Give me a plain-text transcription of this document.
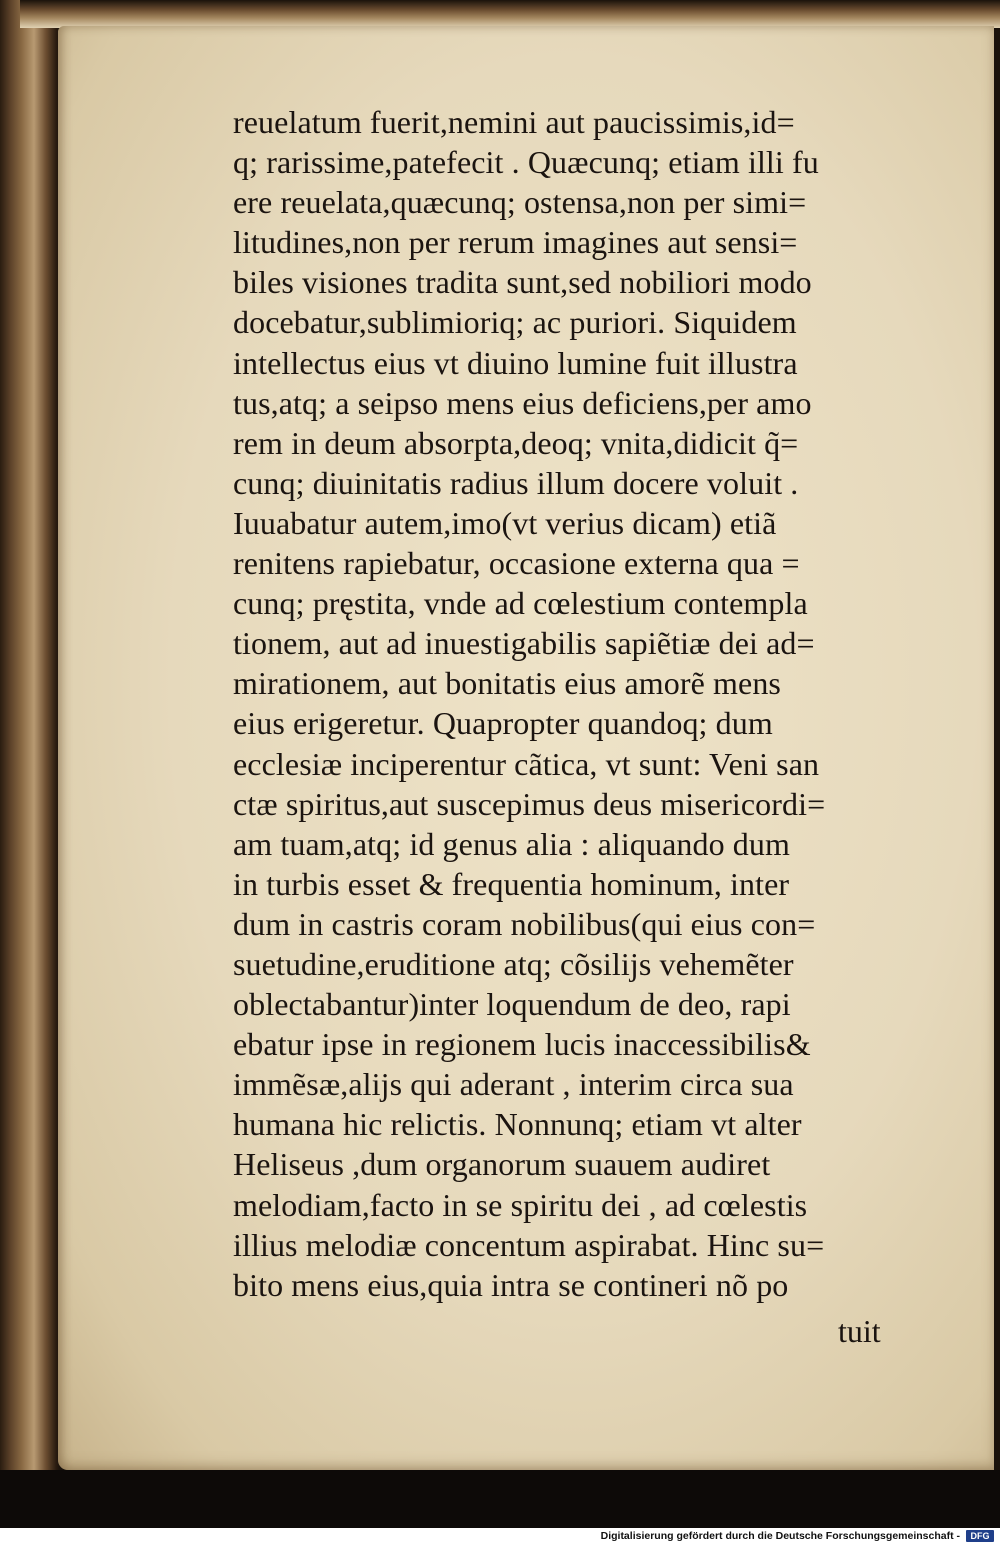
reuelatum fuerit,nemini aut paucissimis,id=
q; rarissime,patefecit . Quæcunq; etiam illi fu
ere reuelata,quæcunq; ostensa,non per simi=
litudines,non per rerum imagines aut sensi=
biles visiones tradita sunt,sed nobiliori modo
docebatur,sublimioriq; ac puriori. Siquidem
intellectus eius vt diuino lumine fuit illustra
tus,atq; a seipso mens eius deficiens,per amo
rem in deum absorpta,deoq; vnita,didicit q̃=
cunq; diuinitatis radius illum docere voluit .
Iuuabatur autem,imo(vt verius dicam) etiã
renitens rapiebatur, occasione externa qua =
cunq; pręstita, vnde ad cœlestium contempla
tionem, aut ad inuestigabilis sapiẽtiæ dei ad=
mirationem, aut bonitatis eius amorẽ mens
eius erigeretur. Quapropter quandoq; dum
ecclesiæ inciperentur cãtica, vt sunt: Veni san
ctæ spiritus,aut suscepimus deus misericordi=
am tuam,atq; id genus alia : aliquando dum
in turbis esset & frequentia hominum, inter
dum in castris coram nobilibus(qui eius con=
suetudine,eruditione atq; cõsilijs vehemẽter
oblectabantur)inter loquendum de deo, rapi
ebatur ipse in regionem lucis inaccessibilis&
immẽsæ,alijs qui aderant , interim circa sua
humana hic relictis. Nonnunq; etiam vt alter
Heliseus ,dum organorum suauem audiret
melodiam,facto in se spiritu dei , ad cœlestis
illius melodiæ concentum aspirabat. Hinc su=
bito mens eius,quia intra se contineri nõ po
tuit
Digitalisierung gefördert durch die Deutsche Forschungsgemeinschaft -	DFG
